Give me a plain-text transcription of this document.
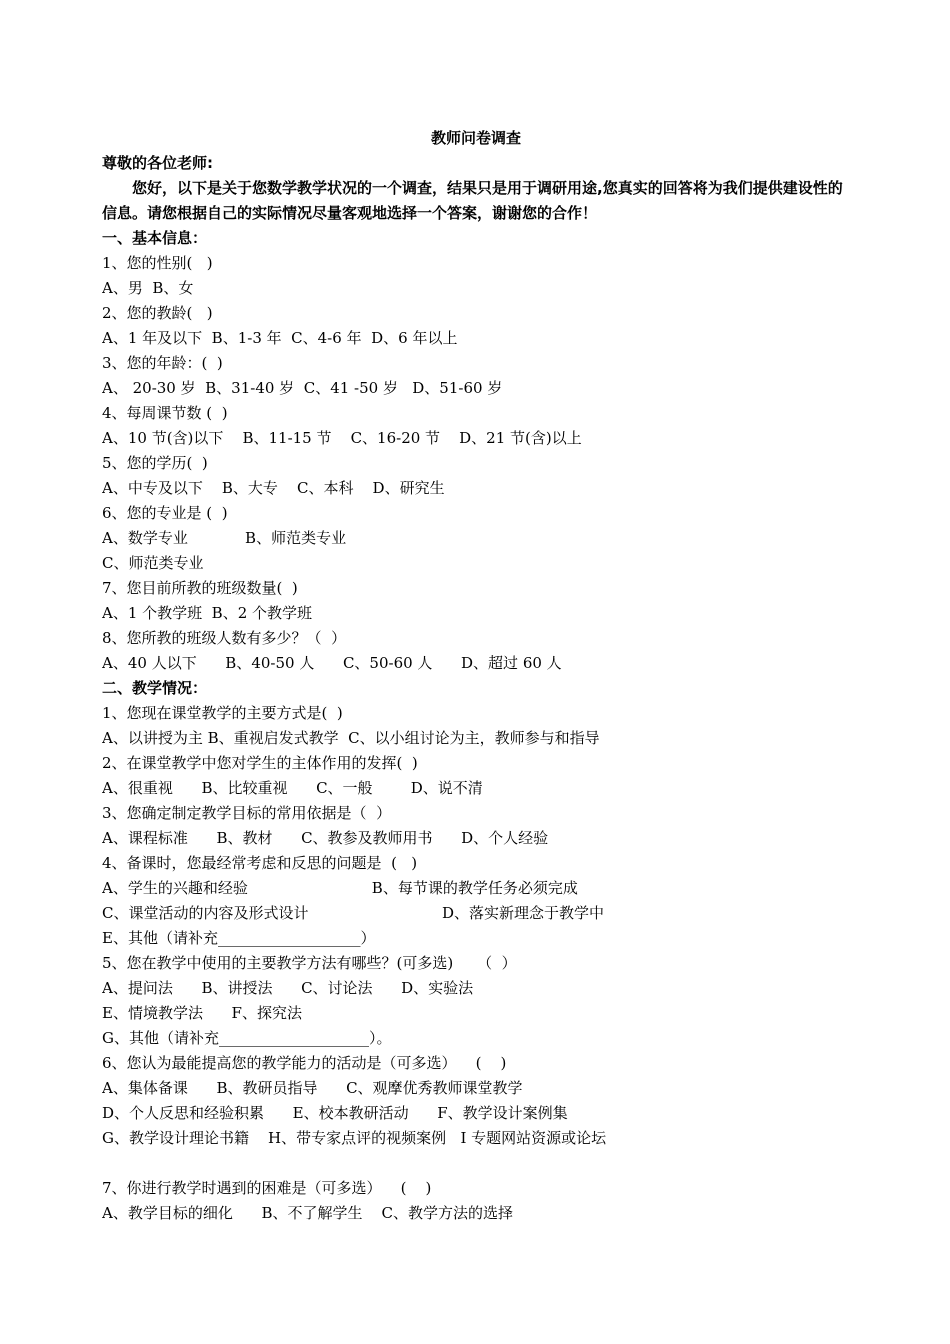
教师问卷调查
尊敬的各位老师:
您好，以下是关于您数学教学状况的一个调查，结果只是用于调研用途,您真实的回答将为我们提供建设性的信息。请您根据自己的实际情况尽量客观地选择一个答案，谢谢您的合作！
一、基本信息：
1、您的性别(   )
A、男  B、女
2、您的教龄(   )
A、1 年及以下  B、1-3 年  C、4-6 年  D、6 年以上
3、您的年龄：(  )
A、 20-30 岁  B、31-40 岁  C、41 -50 岁   D、51-60 岁
4、每周课节数 (  )
A、10 节(含)以下    B、11-15 节    C、16-20 节    D、21 节(含)以上
5、您的学历(  )
A、中专及以下    B、大专    C、本科    D、研究生
6、您的专业是 (  )
A、数学专业            B、师范类专业
C、师范类专业
7、您目前所教的班级数量(  )
A、1 个教学班  B、2 个教学班
8、您所教的班级人数有多少？（  ）
A、40 人以下      B、40-50 人      C、50-60 人      D、超过 60 人
二、教学情况：
1、您现在课堂教学的主要方式是(  )
A、以讲授为主 B、重视启发式教学  C、以小组讨论为主，教师参与和指导
2、在课堂教学中您对学生的主体作用的发挥(  )
A、很重视      B、比较重视      C、一般        D、说不清
3、您确定制定教学目标的常用依据是（  ）
A、课程标准      B、教材      C、教参及教师用书      D、个人经验
4、备课时，您最经常考虑和反思的问题是  (   )
A、学生的兴趣和经验                          B、每节课的教学任务必须完成
C、课堂活动的内容及形式设计                            D、落实新理念于教学中
E、其他（请补充___________________）
5、您在教学中使用的主要教学方法有哪些？(可多选)     （  ）
A、提问法      B、讲授法      C、讨论法      D、实验法
E、情境教学法      F、探究法
G、其他（请补充____________________）。
6、您认为最能提高您的教学能力的活动是（可多选）    (    )
A、集体备课      B、教研员指导      C、观摩优秀教师课堂教学
D、个人反思和经验积累      E、校本教研活动      F、教学设计案例集
G、教学设计理论书籍    H、带专家点评的视频案例   I 专题网站资源或论坛
7、你进行教学时遇到的困难是（可多选）    (    )
A、教学目标的细化      B、不了解学生    C、教学方法的选择
